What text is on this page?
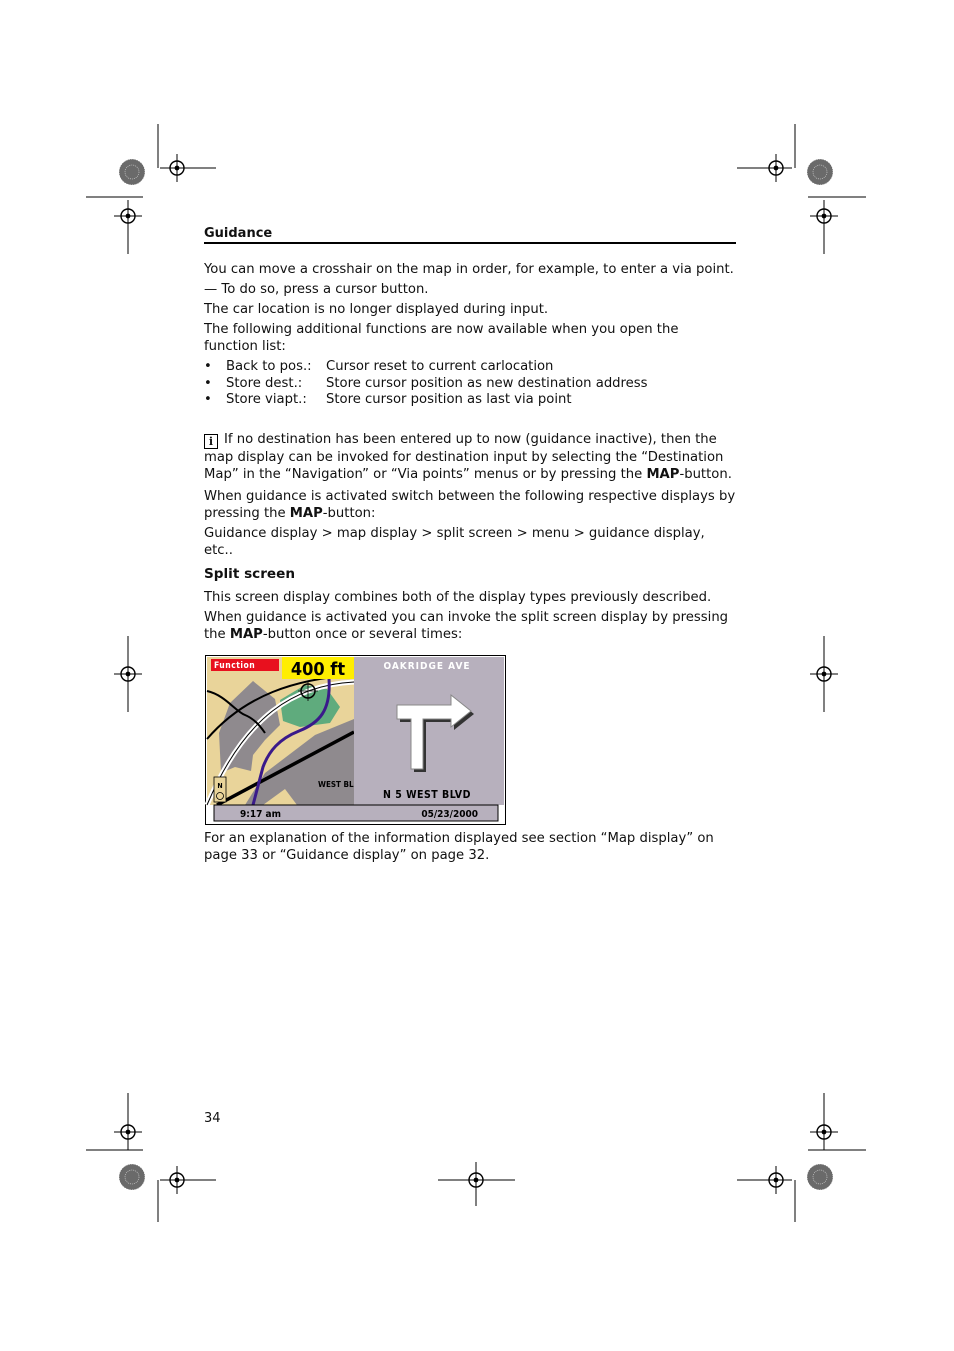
Guidance
You can move a crosshair on the map in order, for example, to enter a via point.
— To do so, press a cursor button.
The car location is no longer displayed during input.
The following additional functions are now available when you open the function list:
• Back to pos.: Cursor reset to current carlocation
• Store dest.: Store cursor position as new destination address
• Store viapt.: Store cursor position as last via point
i If no destination has been entered up to now (guidance inactive), then the map display can be invoked for destination input by selecting the “Destination Map” in the “Navigation” or “Via points” menus or by pressing the MAP-button.
When guidance is activated switch between the following respective displays by pressing the MAP-button:
Guidance display > map display > split screen > menu > guidance display, etc..
Split screen
This screen display combines both of the display types previously described.
When guidance is activated you can invoke the split screen display by pressing the MAP-button once or several times:
WEST BL
N
Function 400 ft	OAKRIDGE AVE
N 5 WEST BLVD
9:17 am	05/23/2000
For an explanation of the information displayed see section “Map display” on page 33 or “Guidance display” on page 32.
34
